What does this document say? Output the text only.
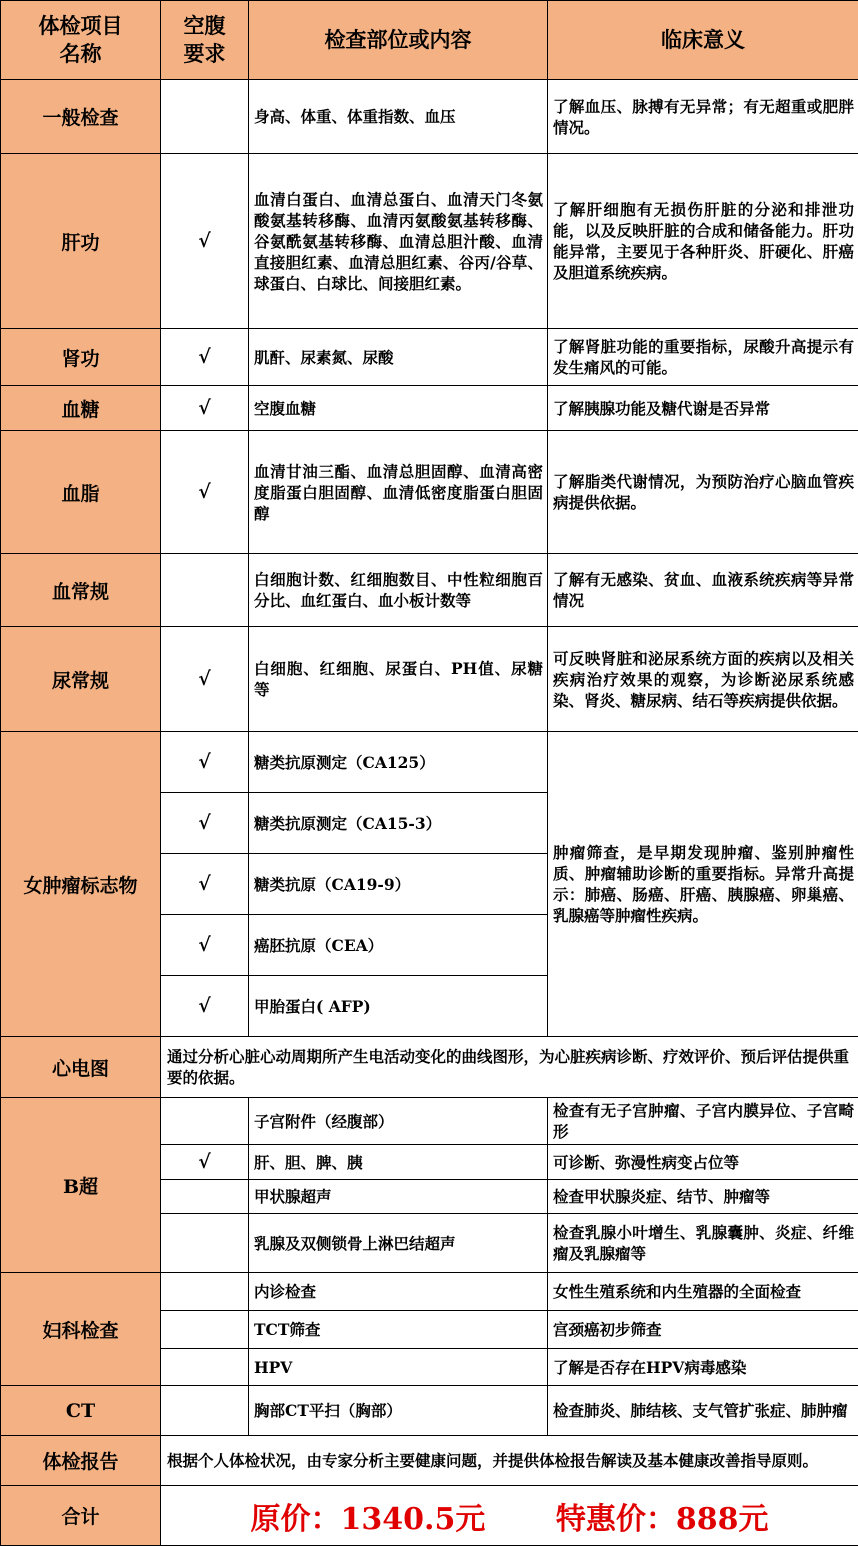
体检项目
名称	空腹
要求	检查部位或内容	临床意义
一般检查		身高、体重、体重指数、血压	了解血压、脉搏有无异常；有无超重或肥胖情况。
肝功	√	血清白蛋白、血清总蛋白、血清天门冬氨酸氨基转移酶、血清丙氨酸氨基转移酶、谷氨酰氨基转移酶、血清总胆汁酸、血清直接胆红素、血清总胆红素、谷丙/谷草、球蛋白、白球比、间接胆红素。	了解肝细胞有无损伤肝脏的分泌和排泄功能，以及反映肝脏的合成和储备能力。肝功能异常，主要见于各种肝炎、肝硬化、肝癌及胆道系统疾病。
肾功	√	肌酐、尿素氮、尿酸	了解肾脏功能的重要指标，尿酸升高提示有发生痛风的可能。
血糖	√	空腹血糖	了解胰腺功能及糖代谢是否异常
血脂	√	血清甘油三酯、血清总胆固醇、血清高密度脂蛋白胆固醇、血清低密度脂蛋白胆固醇	了解脂类代谢情况，为预防治疗心脑血管疾病提供依据。
血常规		白细胞计数、红细胞数目、中性粒细胞百分比、血红蛋白、血小板计数等	了解有无感染、贫血、血液系统疾病等异常情况
尿常规	√	白细胞、红细胞、尿蛋白、PH值、尿糖等	可反映肾脏和泌尿系统方面的疾病以及相关疾病治疗效果的观察，为诊断泌尿系统感染、肾炎、糖尿病、结石等疾病提供依据。
女肿瘤标志物	√	糖类抗原测定（CA125）	肿瘤筛查，是早期发现肿瘤、鉴别肿瘤性质、肿瘤辅助诊断的重要指标。异常升高提示：肺癌、肠癌、肝癌、胰腺癌、卵巢癌、乳腺癌等肿瘤性疾病。
	√	糖类抗原测定（CA15-3）	
	√	糖类抗原（CA19-9）	
	√	癌胚抗原（CEA）	
	√	甲胎蛋白( AFP)	
心电图	通过分析心脏心动周期所产生电活动变化的曲线图形，为心脏疾病诊断、疗效评价、预后评估提供重要的依据。		
B超		子宫附件（经腹部）	检查有无子宫肿瘤、子宫内膜异位、子宫畸形
	√	肝、胆、脾、胰	可诊断、弥漫性病变占位等
		甲状腺超声	检查甲状腺炎症、结节、肿瘤等
		乳腺及双侧锁骨上淋巴结超声	检查乳腺小叶增生、乳腺囊肿、炎症、纤维瘤及乳腺瘤等
妇科检查		内诊检查	女性生殖系统和内生殖器的全面检查
		TCT筛查	宫颈癌初步筛查
		HPV	了解是否存在HPV病毒感染
CT		胸部CT平扫（胸部）	检查肺炎、肺结核、支气管扩张症、肺肿瘤
体检报告	根据个人体检状况，由专家分析主要健康问题，并提供体检报告解读及基本健康改善指导原则。		
合计	原价：1340.5元 特惠价：888元		
